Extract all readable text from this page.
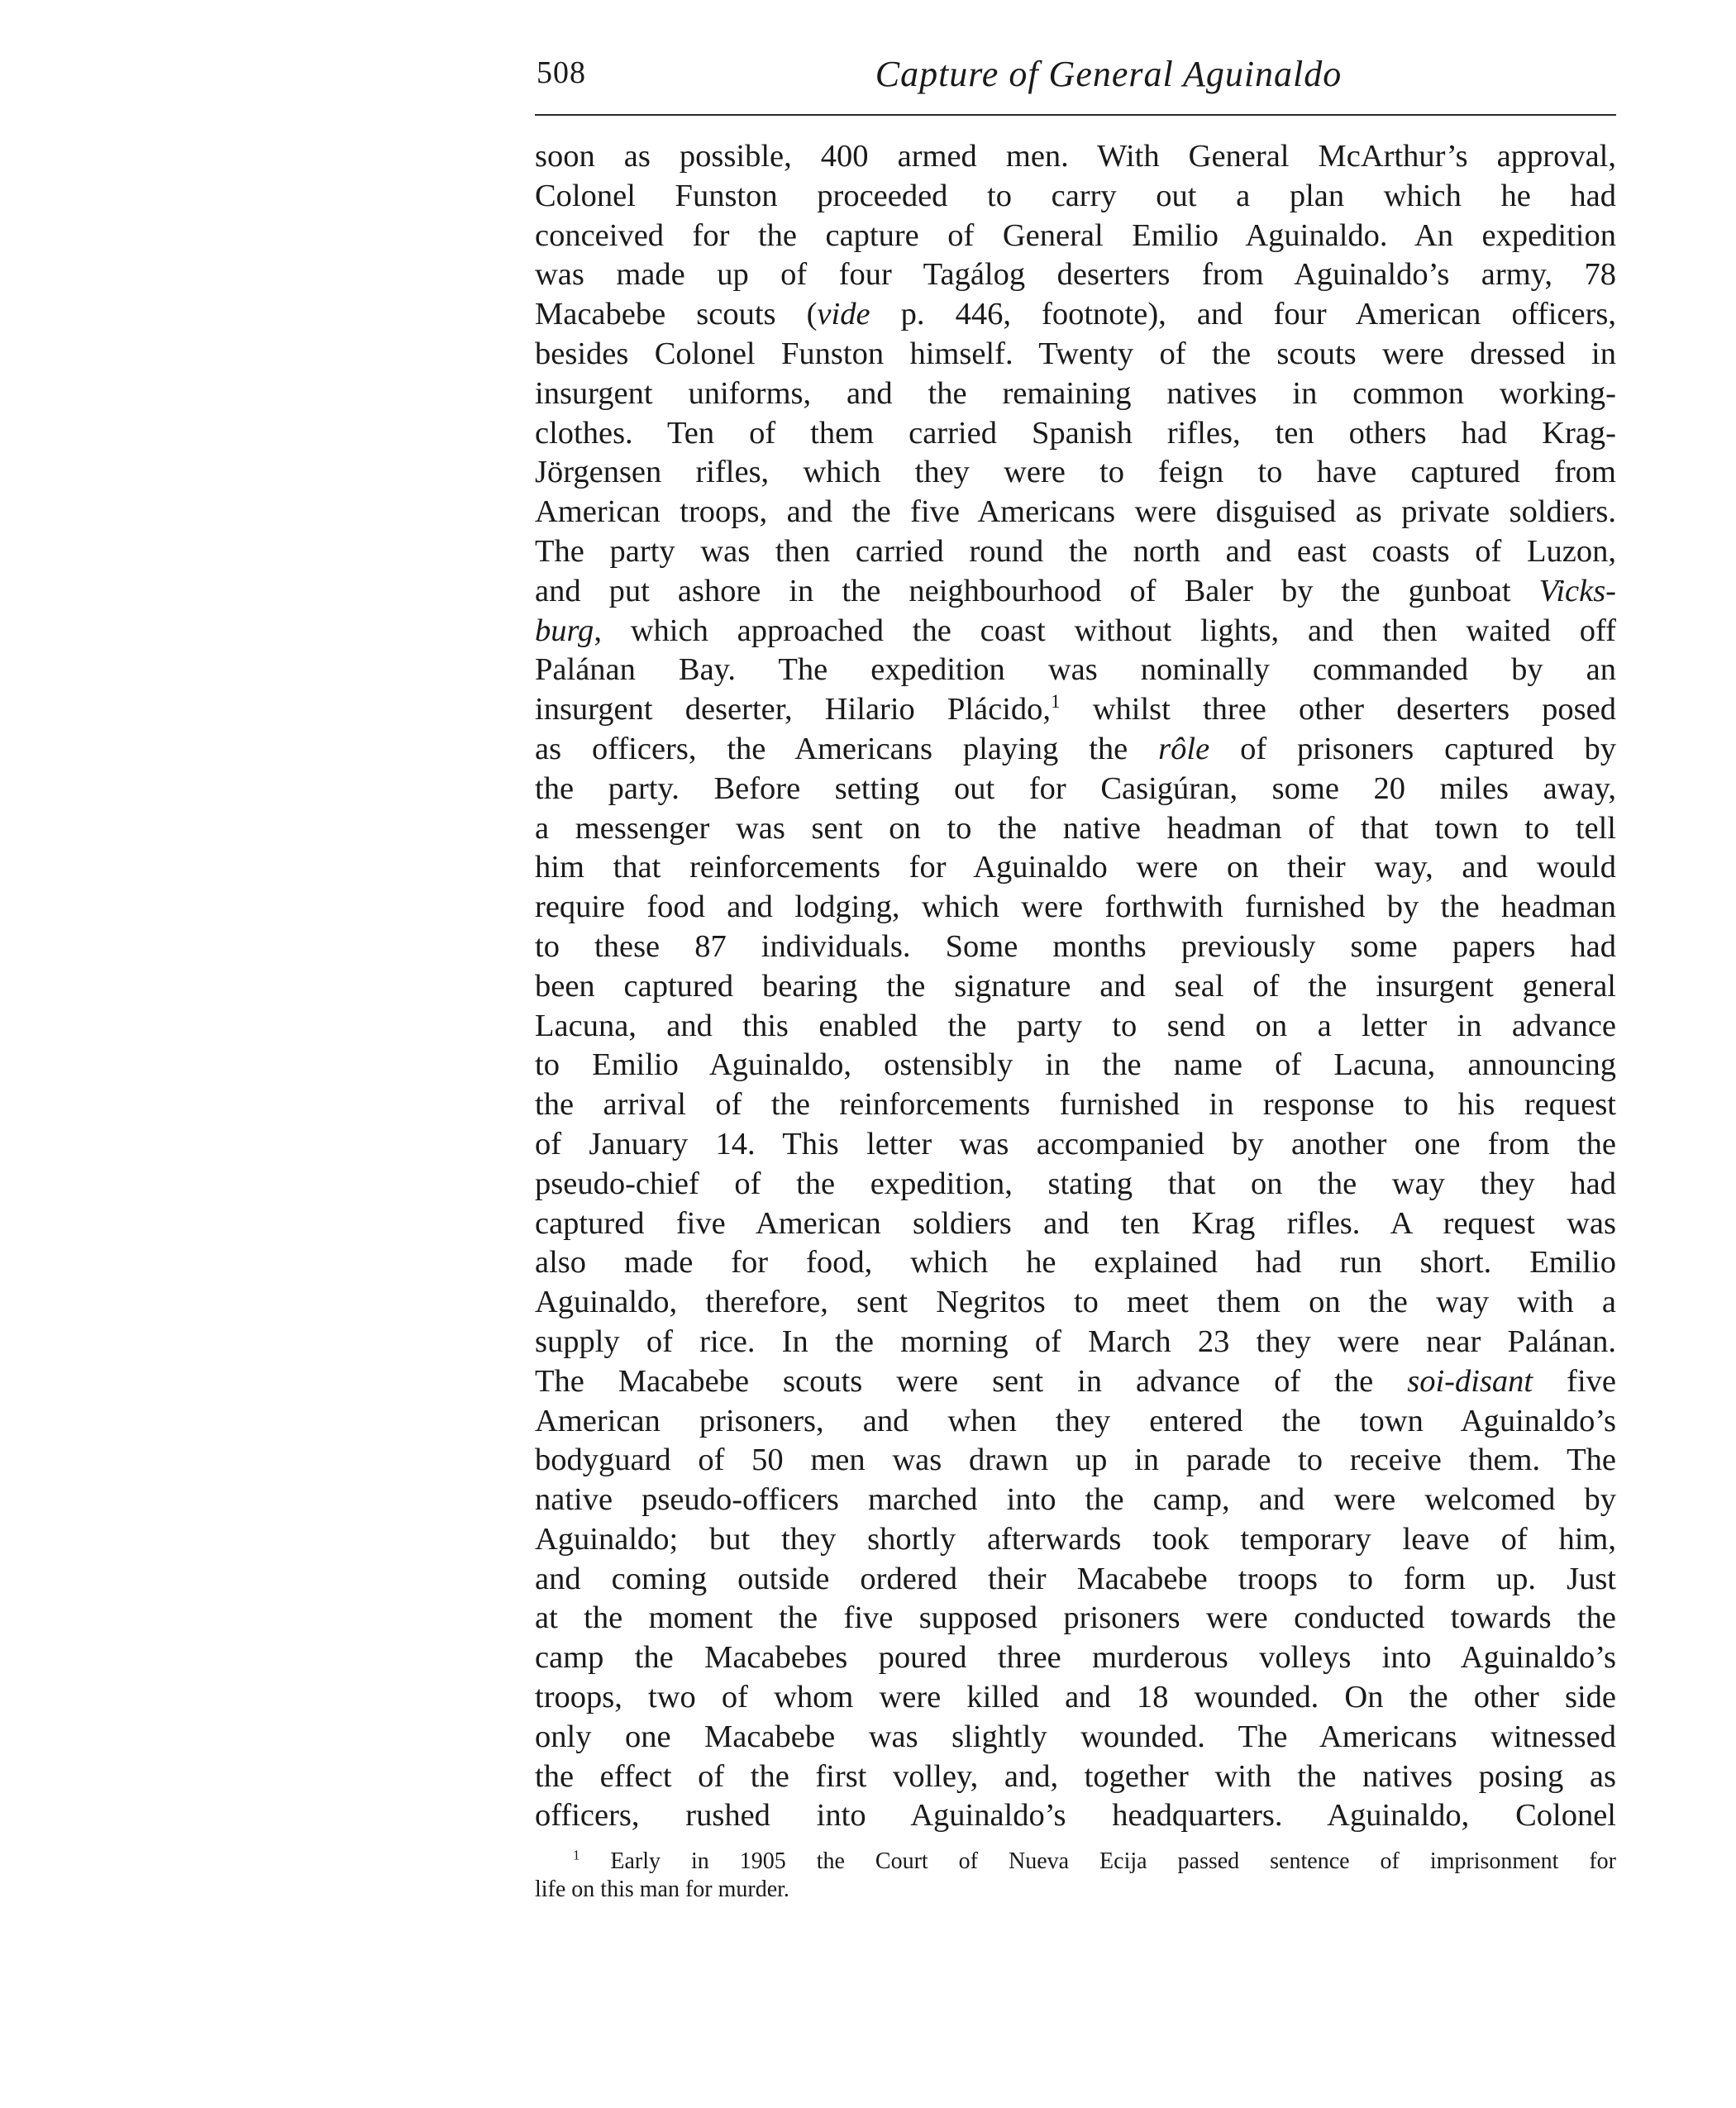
508	Capture of General Aguinaldo
soon as possible, 400 armed men. With General McArthur’s approval,
Colonel Funston proceeded to carry out a plan which he had
conceived for the capture of General Emilio Aguinaldo. An expedition
was made up of four Tagálog deserters from Aguinaldo’s army, 78
Macabebe scouts (vide p. 446, footnote), and four American officers,
besides Colonel Funston himself. Twenty of the scouts were dressed in
insurgent uniforms, and the remaining natives in common working-
clothes. Ten of them carried Spanish rifles, ten others had Krag-
Jörgensen rifles, which they were to feign to have captured from
American troops, and the five Americans were disguised as private soldiers.
The party was then carried round the north and east coasts of Luzon,
and put ashore in the neighbourhood of Baler by the gunboat Vicks-
burg, which approached the coast without lights, and then waited off
Palánan Bay. The expedition was nominally commanded by an
insurgent deserter, Hilario Plácido,$^1$ whilst three other deserters posed
as officers, the Americans playing the rôle of prisoners captured by
the party. Before setting out for Casigúran, some 20 miles away,
a messenger was sent on to the native headman of that town to tell
him that reinforcements for Aguinaldo were on their way, and would
require food and lodging, which were forthwith furnished by the headman
to these 87 individuals. Some months previously some papers had
been captured bearing the signature and seal of the insurgent general
Lacuna, and this enabled the party to send on a letter in advance
to Emilio Aguinaldo, ostensibly in the name of Lacuna, announcing
the arrival of the reinforcements furnished in response to his request
of January 14. This letter was accompanied by another one from the
pseudo-chief of the expedition, stating that on the way they had
captured five American soldiers and ten Krag rifles. A request was
also made for food, which he explained had run short. Emilio
Aguinaldo, therefore, sent Negritos to meet them on the way with a
supply of rice. In the morning of March 23 they were near Palánan.
The Macabebe scouts were sent in advance of the soi-disant five
American prisoners, and when they entered the town Aguinaldo’s
bodyguard of 50 men was drawn up in parade to receive them. The
native pseudo-officers marched into the camp, and were welcomed by
Aguinaldo; but they shortly afterwards took temporary leave of him,
and coming outside ordered their Macabebe troops to form up. Just
at the moment the five supposed prisoners were conducted towards the
camp the Macabebes poured three murderous volleys into Aguinaldo’s
troops, two of whom were killed and 18 wounded. On the other side
only one Macabebe was slightly wounded. The Americans witnessed
the effect of the first volley, and, together with the natives posing as
officers, rushed into Aguinaldo’s headquarters. Aguinaldo, Colonel
$^1$ Early in 1905 the Court of Nueva Ecija passed sentence of imprisonment for
life on this man for murder.
